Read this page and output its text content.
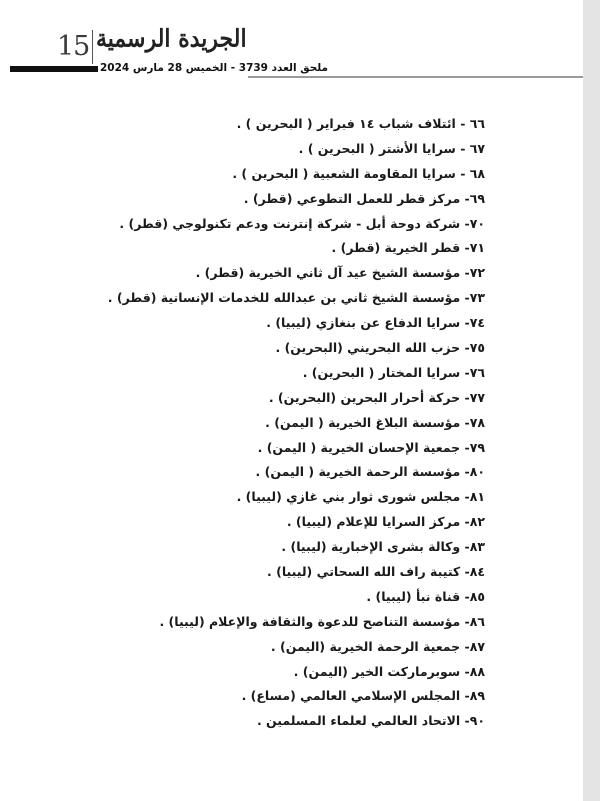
15 الجريدة الرسمية
ملحق العدد 3739 - الخميس 28 مارس 2024
٦٦ - ائتلاف شباب ١٤ فبراير ( البحرين ) .
٦٧ - سرايا الأشتر ( البحرين ) .
٦٨ - سرايا المقاومة الشعبية ( البحرين ) .
٦٩- مركز قطر للعمل التطوعي (قطر) .
٧٠- شركة دوحة أبل - شركة إنترنت ودعم تكنولوجي (قطر) .
٧١- قطر الخيرية (قطر) .
٧٢- مؤسسة الشيخ عيد آل ثاني الخيرية (قطر) .
٧٣- مؤسسة الشيخ ثاني بن عبدالله للخدمات الإنسانية (قطر) .
٧٤- سرايا الدفاع عن بنغازي (ليبيا) .
٧٥- حزب الله البحريني (البحرين) .
٧٦- سرايا المختار ( البحرين) .
٧٧- حركة أحرار البحرين (البحرين) .
٧٨- مؤسسة البلاغ الخيرية ( اليمن) .
٧٩- جمعية الإحسان الخيرية ( اليمن) .
٨٠- مؤسسة الرحمة الخيرية ( اليمن) .
٨١- مجلس شورى ثوار بني غازي (ليبيا) .
٨٢- مركز السرايا للإعلام (ليبيا) .
٨٣- وكالة بشرى الإخبارية (ليبيا) .
٨٤- كتيبة راف الله السحاتي (ليبيا) .
٨٥- قناة نبأ (ليبيا) .
٨٦- مؤسسة التناصح للدعوة والثقافة والإعلام (ليبيا) .
٨٧- جمعية الرحمة الخيرية (اليمن) .
٨٨- سوبرماركت الخير (اليمن) .
٨٩- المجلس الإسلامي العالمي (مساع) .
٩٠- الاتحاد العالمي لعلماء المسلمين .
